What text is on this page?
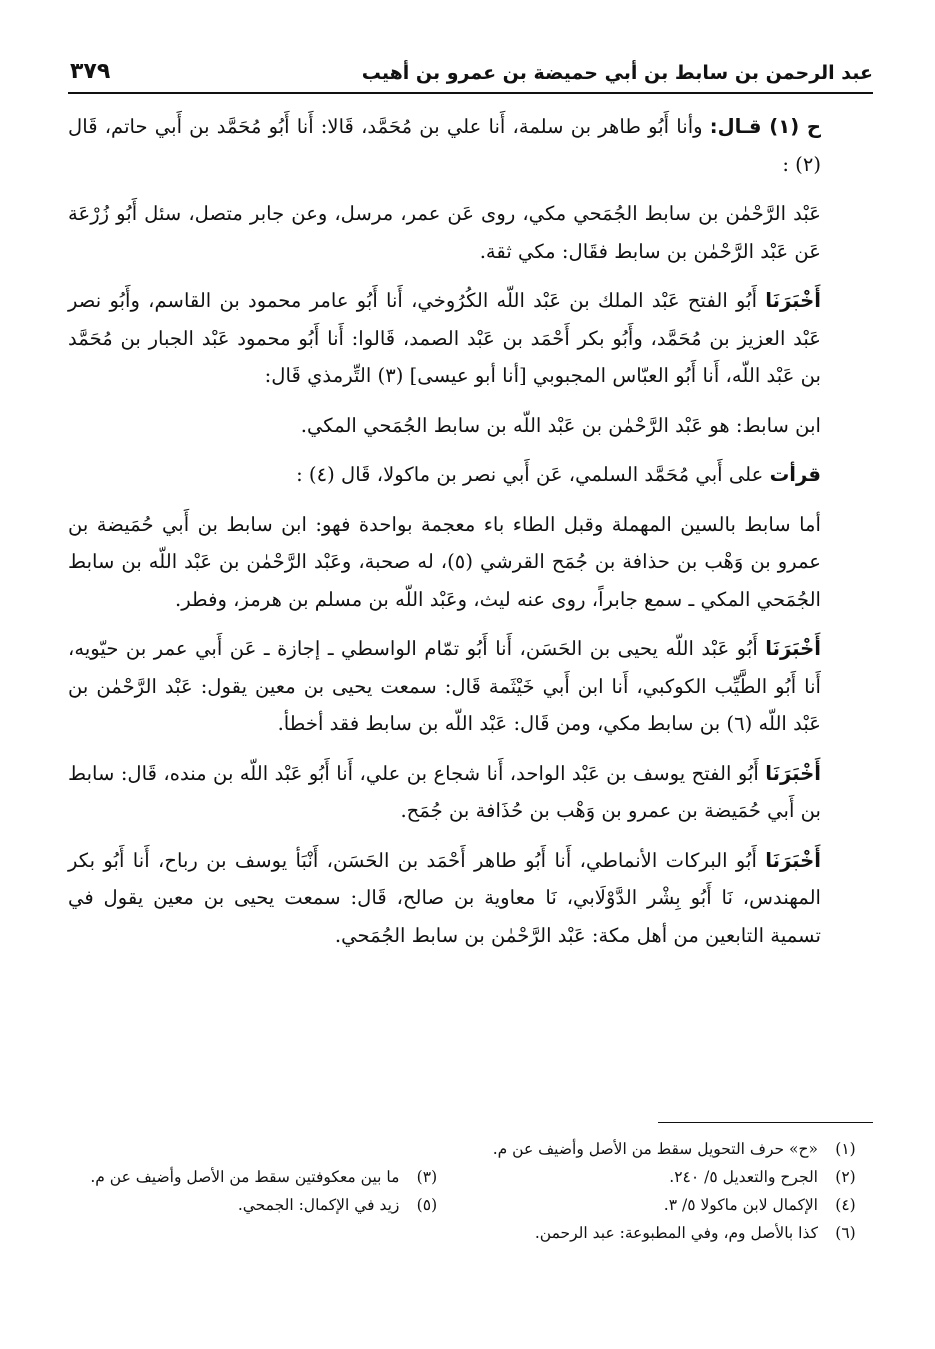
عبد الرحمن بن سابط بن أبي حميضة بن عمرو بن أهيب
٣٧٩

ح (١) قـال: وأنا أَبُو طاهر بن سلمة، أَنا علي بن مُحَمَّد، قَالا: أَنا أَبُو مُحَمَّد بن أَبي حاتم، قَال (٢) :

عَبْد الرَّحْمٰن بن سابط الجُمَحي مكي، روى عَن عمر، مرسل، وعن جابر متصل، سئل أَبُو زُرْعَة عَن عَبْد الرَّحْمٰن بن سابط فقَال: مكي ثقة.

أَخْبَرَنَا أَبُو الفتح عَبْد الملك بن عَبْد اللّه الكُرُوخي، أَنا أَبُو عامر محمود بن القاسم، وأَبُو نصر عَبْد العزيز بن مُحَمَّد، وأَبُو بكر أَحْمَد بن عَبْد الصمد، قَالوا: أَنا أَبُو محمود عَبْد الجبار بن مُحَمَّد بن عَبْد اللّه، أَنا أَبُو العبّاس المجبوبي [أنا أبو عيسى] (٣) التِّرمذي قَال:

ابن سابط: هو عَبْد الرَّحْمٰن بن عَبْد اللّه بن سابط الجُمَحي المكي.

قرأت على أَبي مُحَمَّد السلمي، عَن أَبي نصر بن ماكولا، قَال (٤) :

أما سابط بالسين المهملة وقبل الطاء باء معجمة بواحدة فهو: ابن سابط بن أَبي حُمَيضة بن عمرو بن وَهْب بن حذافة بن جُمَح القرشي (٥)، له صحبة، وعَبْد الرَّحْمٰن بن عَبْد اللّه بن سابط الجُمَحي المكي ـ سمع جابراً، روى عنه ليث، وعَبْد اللّه بن مسلم بن هرمز، وفطر.

أَخْبَرَنَا أَبُو عَبْد اللّه يحيى بن الحَسَن، أَنا أَبُو تمّام الواسطي ـ إجازة ـ عَن أَبي عمر بن حيّويه، أَنا أَبُو الطَّيِّب الكوكبي، أَنا ابن أَبي خَيْثَمة قَال: سمعت يحيى بن معين يقول: عَبْد الرَّحْمٰن بن عَبْد اللّه (٦) بن سابط مكي، ومن قَال: عَبْد اللّه بن سابط فقد أخطأ.

أَخْبَرَنَا أَبُو الفتح يوسف بن عَبْد الواحد، أَنا شجاع بن علي، أَنا أَبُو عَبْد اللّه بن منده، قَال: سابط بن أَبي حُمَيضة بن عمرو بن وَهْب بن حُذَافة بن جُمَح.

أَخْبَرَنَا أَبُو البركات الأنماطي، أَنا أَبُو طاهر أَحْمَد بن الحَسَن، أَنْبَأ يوسف بن رباح، أَنا أَبُو بكر المهندس، نَا أَبُو بِشْر الدَّوْلَابي، نَا معاوية بن صالح، قَال: سمعت يحيى بن معين يقول في تسمية التابعين من أهل مكة: عَبْد الرَّحْمٰن بن سابط الجُمَحي.

(١)
«ح» حرف التحويل سقط من الأصل وأضيف عن م.
(٢)
الجرح والتعديل ٥/ ٢٤٠.
(٣)
ما بين معكوفتين سقط من الأصل وأضيف عن م.
(٤)
الإكمال لابن ماكولا ٥/ ٣.
(٥)
زيد في الإكمال: الجمحي.
(٦)
كذا بالأصل وم، وفي المطبوعة: عبد الرحمن.
